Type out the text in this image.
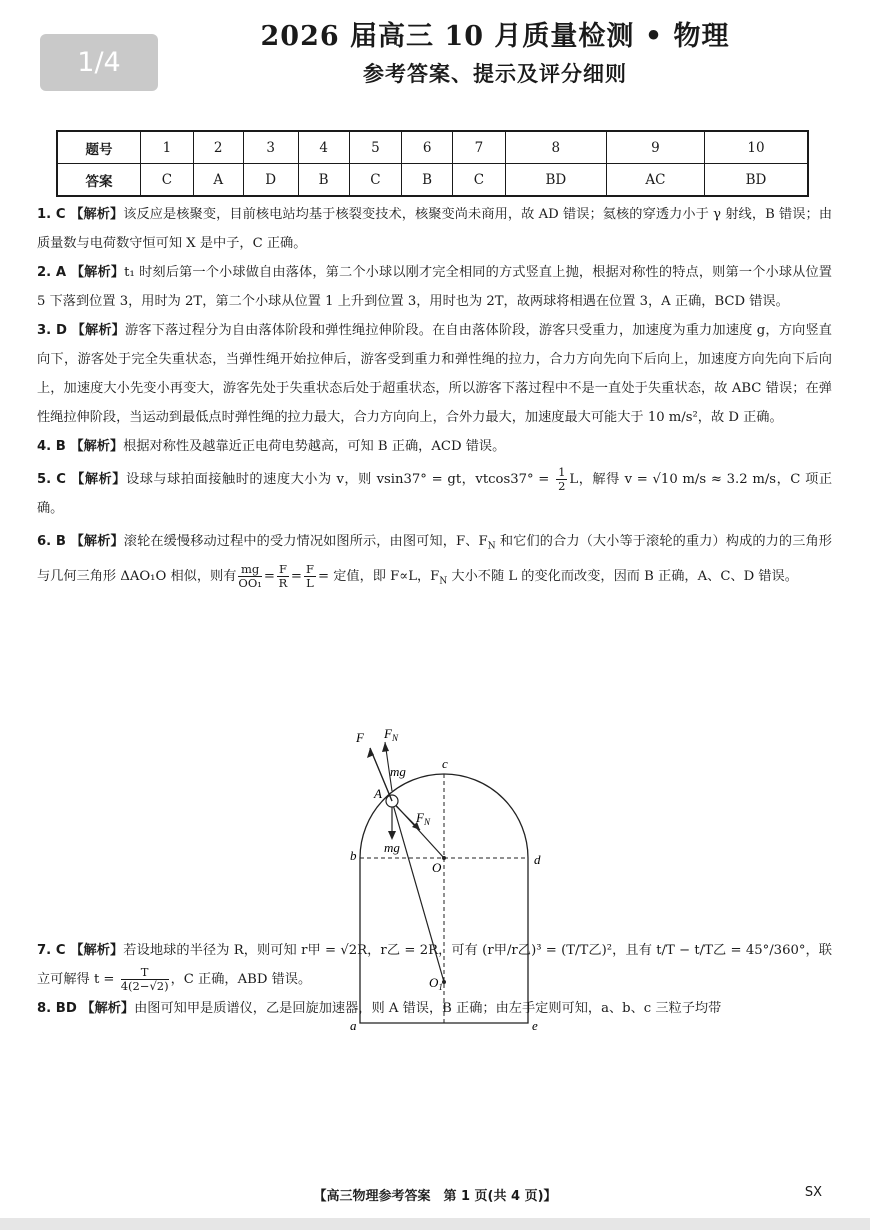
1/4
2026 届高三 10 月质量检测 • 物理
参考答案、提示及评分细则
题号	1	2	3	4	5	6	7	8	9	10
答案	C	A	D	B	C	B	C	BD	AC	BD

1. C 【解析】该反应是核聚变，目前核电站均基于核裂变技术，核聚变尚未商用，故 AD 错误；氦核的穿透力小于 γ 射线，B 错误；由质量数与电荷数守恒可知 X 是中子，C 正确。

2. A 【解析】t₁ 时刻后第一个小球做自由落体，第二个小球以刚才完全相同的方式竖直上抛，根据对称性的特点，则第一个小球从位置 5 下落到位置 3，用时为 2T，第二个小球从位置 1 上升到位置 3，用时也为 2T，故两球将相遇在位置 3，A 正确，BCD 错误。

3. D 【解析】游客下落过程分为自由落体阶段和弹性绳拉伸阶段。在自由落体阶段，游客只受重力，加速度为重力加速度 g，方向竖直向下，游客处于完全失重状态，当弹性绳开始拉伸后，游客受到重力和弹性绳的拉力，合力方向先向下后向上，加速度方向先向下后向上，加速度大小先变小再变大，游客先处于失重状态后处于超重状态，所以游客下落过程中不是一直处于失重状态，故 ABC 错误；在弹性绳拉伸阶段，当运动到最低点时弹性绳的拉力最大，合力方向向上，合外力最大，加速度最大可能大于 10 m/s²，故 D 正确。

4. B 【解析】根据对称性及越靠近正电荷电势越高，可知 B 正确，ACD 错误。

5. C 【解析】设球与球拍面接触时的速度大小为 v，则 vsin37° = gt，$vtcos37^\circ = \frac{1}{2}$ L，解得 v = √10 m/s ≈ 3.2 m/s，C 项正确。

6. B 【解析】滚轮在缓慢移动过程中的受力情况如图所示，由图可知，F、$F_N$ 和它们的合力（大小等于滚轮的重力）构成的力的三角形与几何三角形 ΔAO₁O 相似，则有 $\frac{mg}{\text{OO₁}} = \frac{F}{R} = \frac{F}{L}$ = 定值，即 F∝L，$F_N$ 大小不随 L 的变化而改变，因而 B 正确，A、C、D 错误。

7. C 【解析】若设地球的半径为 R，则可知 r甲 = √2R，r乙 = 2R，可有 (r甲/r乙)³ = (T/T乙)²，且有 t/T − t/T乙 = 45°/360°，联立可解得 $t = \frac{T}{4(2-√2)}$ ，C 正确，ABD 错误。

8. BD 【解析】由图可知甲是质谱仪，乙是回旋加速器，则 A 错误，B 正确；由左手定则可知，a、b、c 三粒子均带

F $F_N$
mg
A
c
$F_N$
mg
b	d
O
$O_1$
a	e
【高三物理参考答案　第 1 页(共 4 页)】	SX
